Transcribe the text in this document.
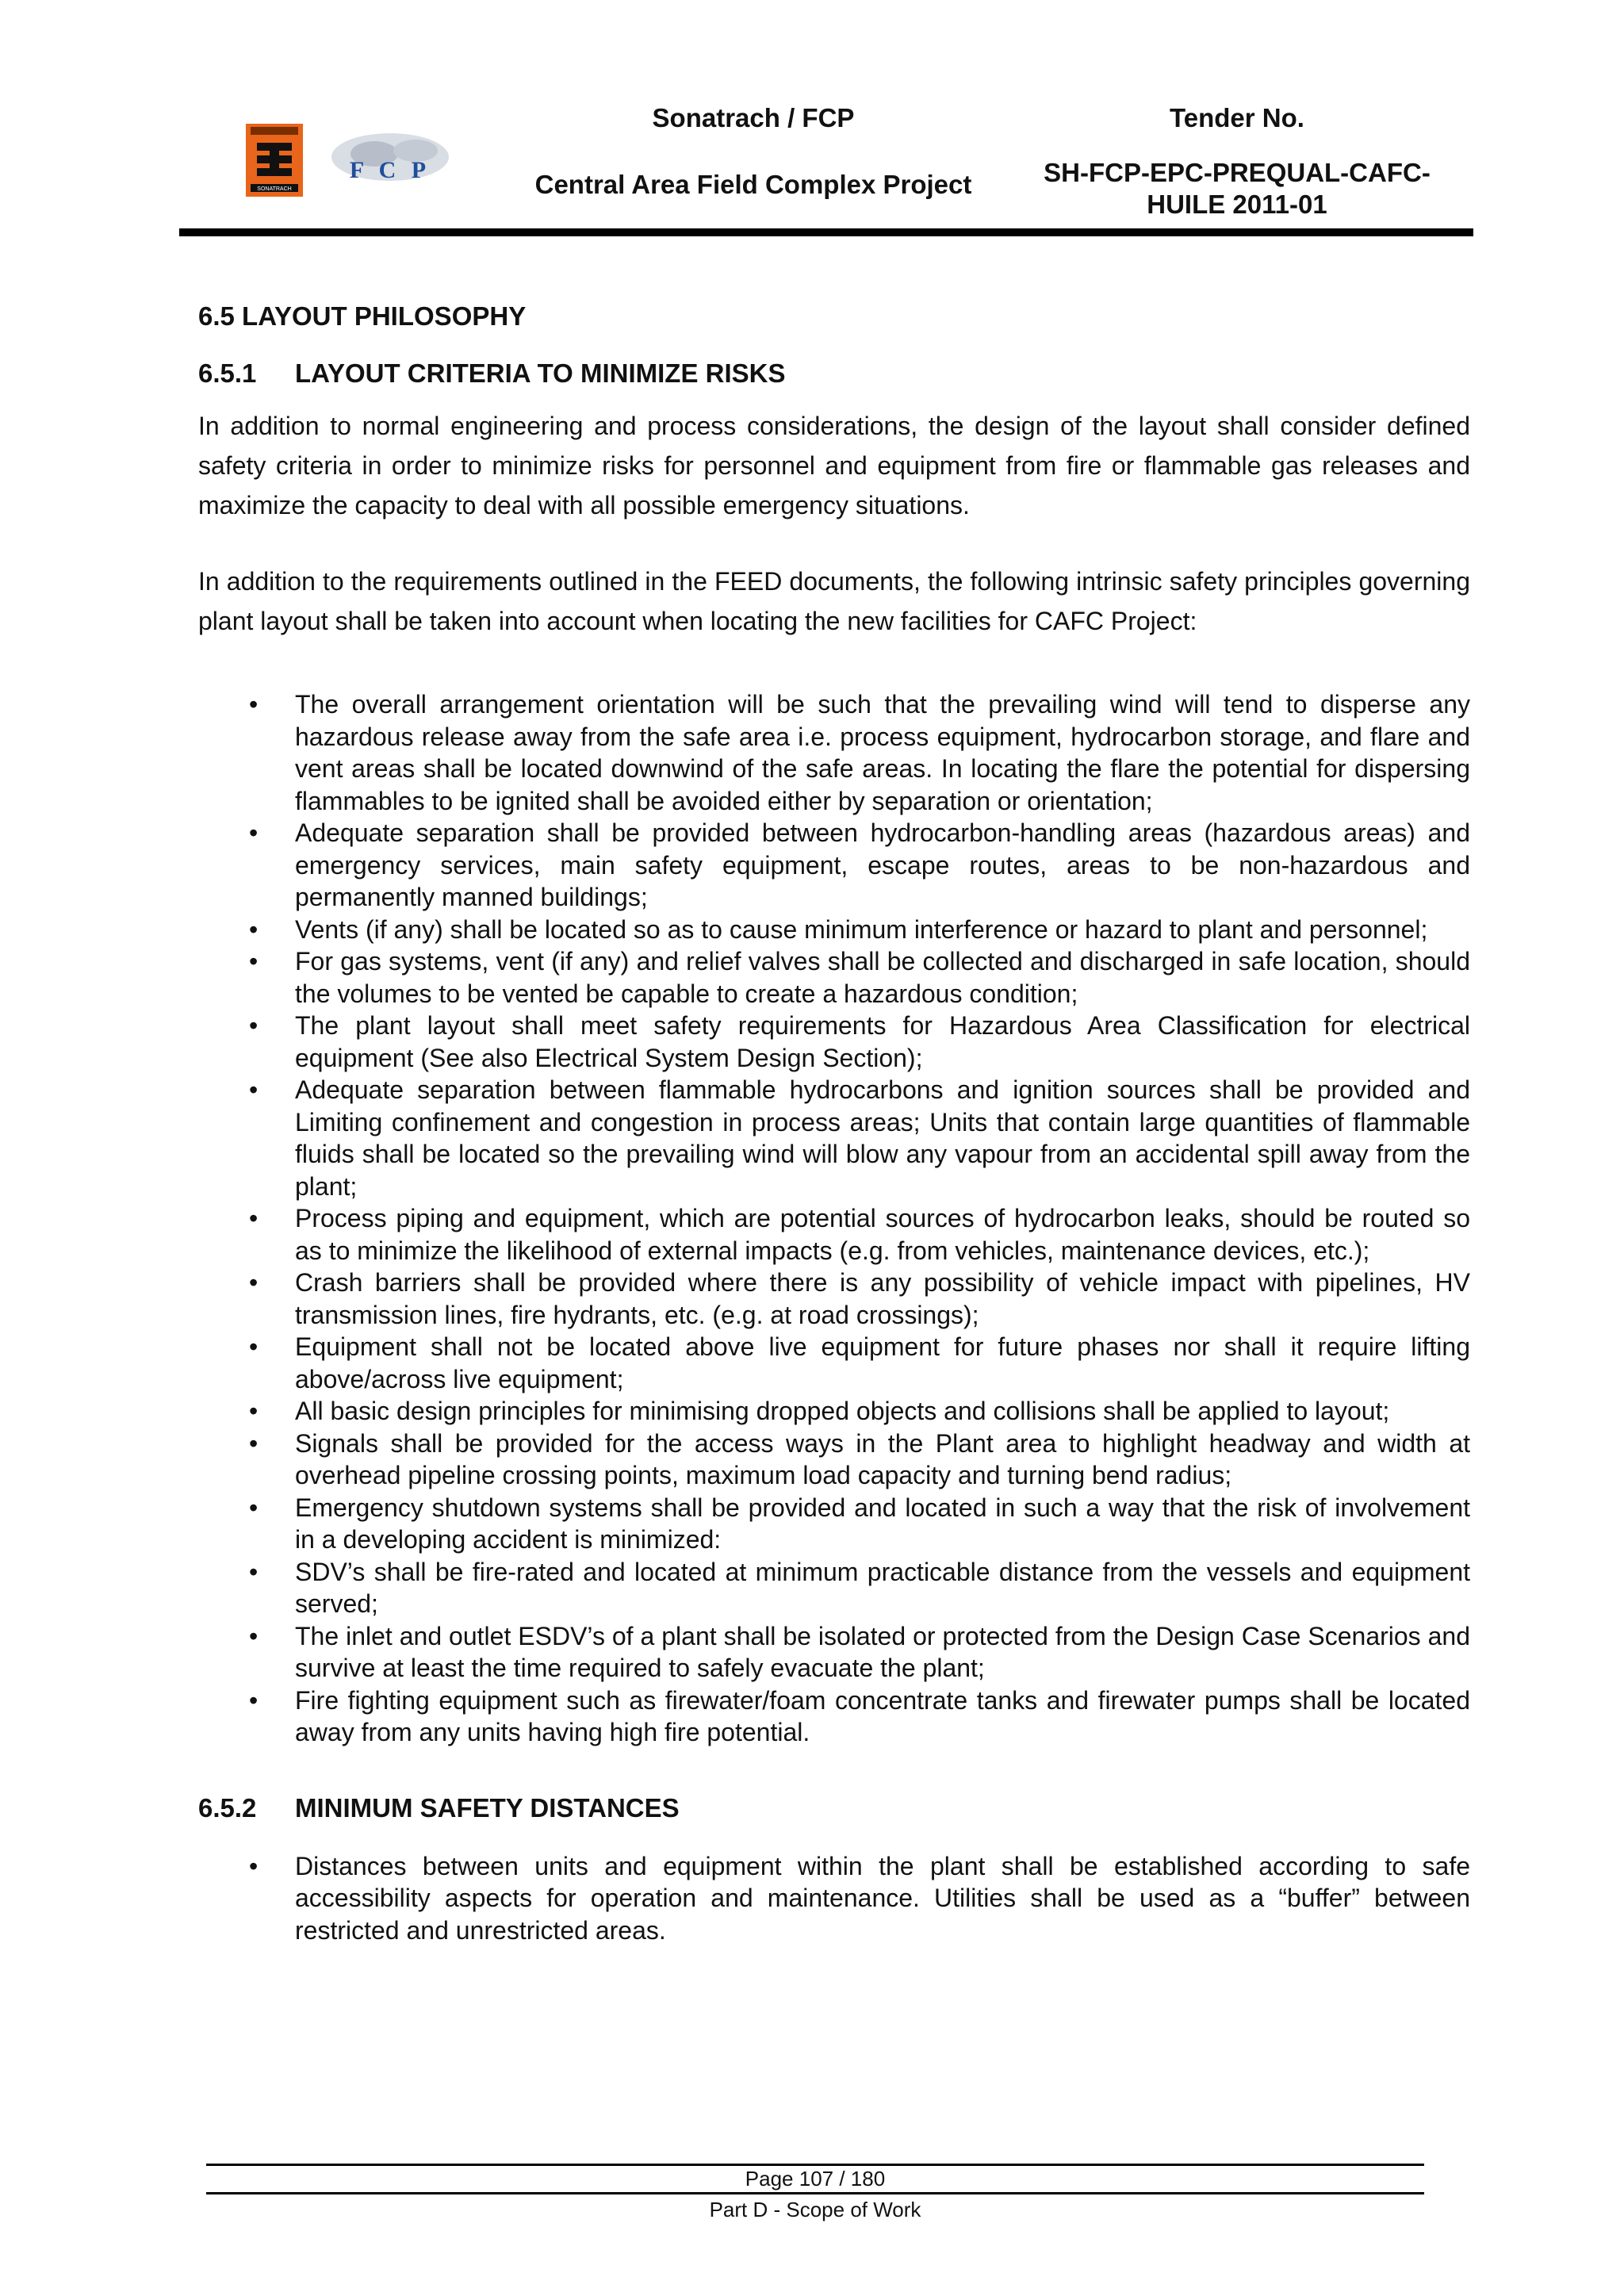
SONATRACH
F C P
Sonatrach / FCP
Central Area Field Complex Project
Tender No.
SH-FCP-EPC-PREQUAL-CAFC-HUILE 2011-01
6.5 LAYOUT PHILOSOPHY
6.5.1	LAYOUT CRITERIA TO MINIMIZE RISKS

In addition to normal engineering and process considerations, the design of the layout shall consider defined safety criteria in order to minimize risks for personnel and equipment from fire or flammable gas releases and maximize the capacity to deal with all possible emergency situations.

In addition to the requirements outlined in the FEED documents, the following intrinsic safety principles governing plant layout shall be taken into account when locating the new facilities for CAFC Project:

• The overall arrangement orientation will be such that the prevailing wind will tend to disperse any hazardous release away from the safe area i.e. process equipment, hydrocarbon storage, and flare and vent areas shall be located downwind of the safe areas. In locating the flare the potential for dispersing flammables to be ignited shall be avoided either by separation or orientation;
• Adequate separation shall be provided between hydrocarbon-handling areas (hazardous areas) and emergency services, main safety equipment, escape routes, areas to be non-hazardous and permanently manned buildings;
• Vents (if any) shall be located so as to cause minimum interference or hazard to plant and personnel;
• For gas systems, vent (if any) and relief valves shall be collected and discharged in safe location, should the volumes to be vented be capable to create a hazardous condition;
• The plant layout shall meet safety requirements for Hazardous Area Classification for electrical equipment (See also Electrical System Design Section);
• Adequate separation between flammable hydrocarbons and ignition sources shall be provided and Limiting confinement and congestion in process areas; Units that contain large quantities of flammable fluids shall be located so the prevailing wind will blow any vapour from an accidental spill away from the plant;
• Process piping and equipment, which are potential sources of hydrocarbon leaks, should be routed so as to minimize the likelihood of external impacts (e.g. from vehicles, maintenance devices, etc.);
• Crash barriers shall be provided where there is any possibility of vehicle impact with pipelines, HV transmission lines, fire hydrants, etc. (e.g. at road crossings);
• Equipment shall not be located above live equipment for future phases nor shall it require lifting above/across live equipment;
• All basic design principles for minimising dropped objects and collisions shall be applied to layout;
• Signals shall be provided for the access ways in the Plant area to highlight headway and width at overhead pipeline crossing points, maximum load capacity and turning bend radius;
• Emergency shutdown systems shall be provided and located in such a way that the risk of involvement in a developing accident is minimized:
• SDV’s shall be fire-rated and located at minimum practicable distance from the vessels and equipment served;
• The inlet and outlet ESDV’s of a plant shall be isolated or protected from the Design Case Scenarios and survive at least the time required to safely evacuate the plant;
• Fire fighting equipment such as firewater/foam concentrate tanks and firewater pumps shall be located away from any units having high fire potential.
6.5.2	MINIMUM SAFETY DISTANCES
• Distances between units and equipment within the plant shall be established according to safe accessibility aspects for operation and maintenance. Utilities shall be used as a “buffer” between restricted and unrestricted areas.
Page 107 / 180
Part D - Scope of Work
